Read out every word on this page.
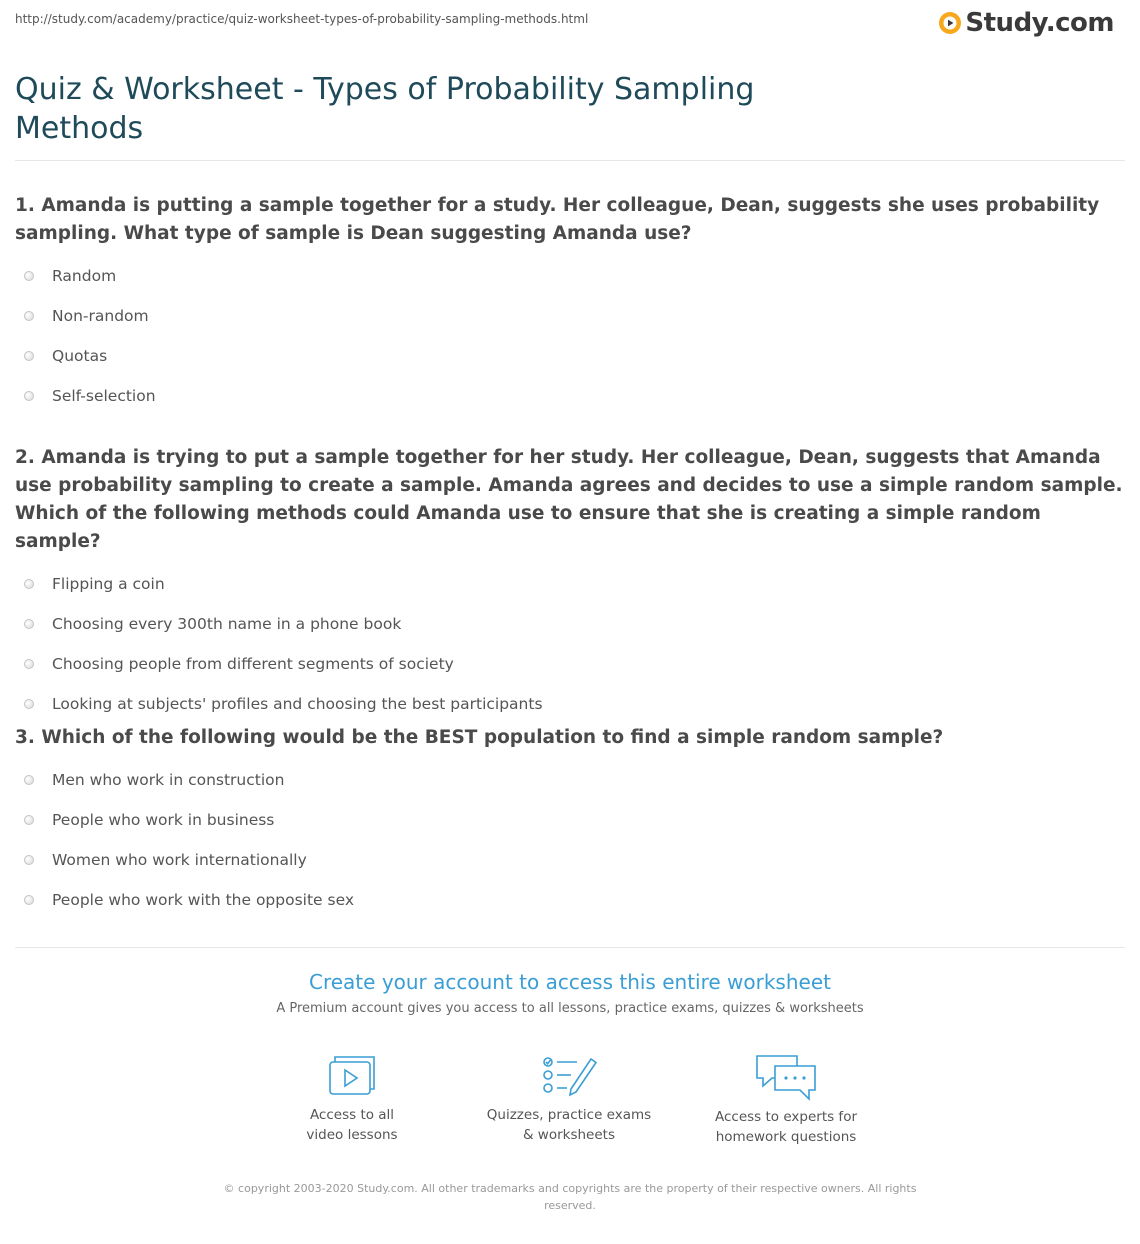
http://study.com/academy/practice/quiz-worksheet-types-of-probability-sampling-methods.html	Study.com
Quiz & Worksheet - Types of Probability Sampling Methods

1. Amanda is putting a sample together for a study. Her colleague, Dean, suggests she uses probability sampling. What type of sample is Dean suggesting Amanda use?

Random
Non-random
Quotas
Self-selection

2. Amanda is trying to put a sample together for her study. Her colleague, Dean, suggests that Amanda use probability sampling to create a sample. Amanda agrees and decides to use a simple random sample. Which of the following methods could Amanda use to ensure that she is creating a simple random sample?

Flipping a coin
Choosing every 300th name in a phone book
Choosing people from different segments of society
Looking at subjects' profiles and choosing the best participants

3. Which of the following would be the BEST population to find a simple random sample?

Men who work in construction
People who work in business
Women who work internationally
People who work with the opposite sex
Create your account to access this entire worksheet
A Premium account gives you access to all lessons, practice exams, quizzes & worksheets
Access to all
video lessons
Quizzes, practice exams
& worksheets
Access to experts for
homework questions
© copyright 2003-2020 Study.com. All other trademarks and copyrights are the property of their respective owners. All rights reserved.
